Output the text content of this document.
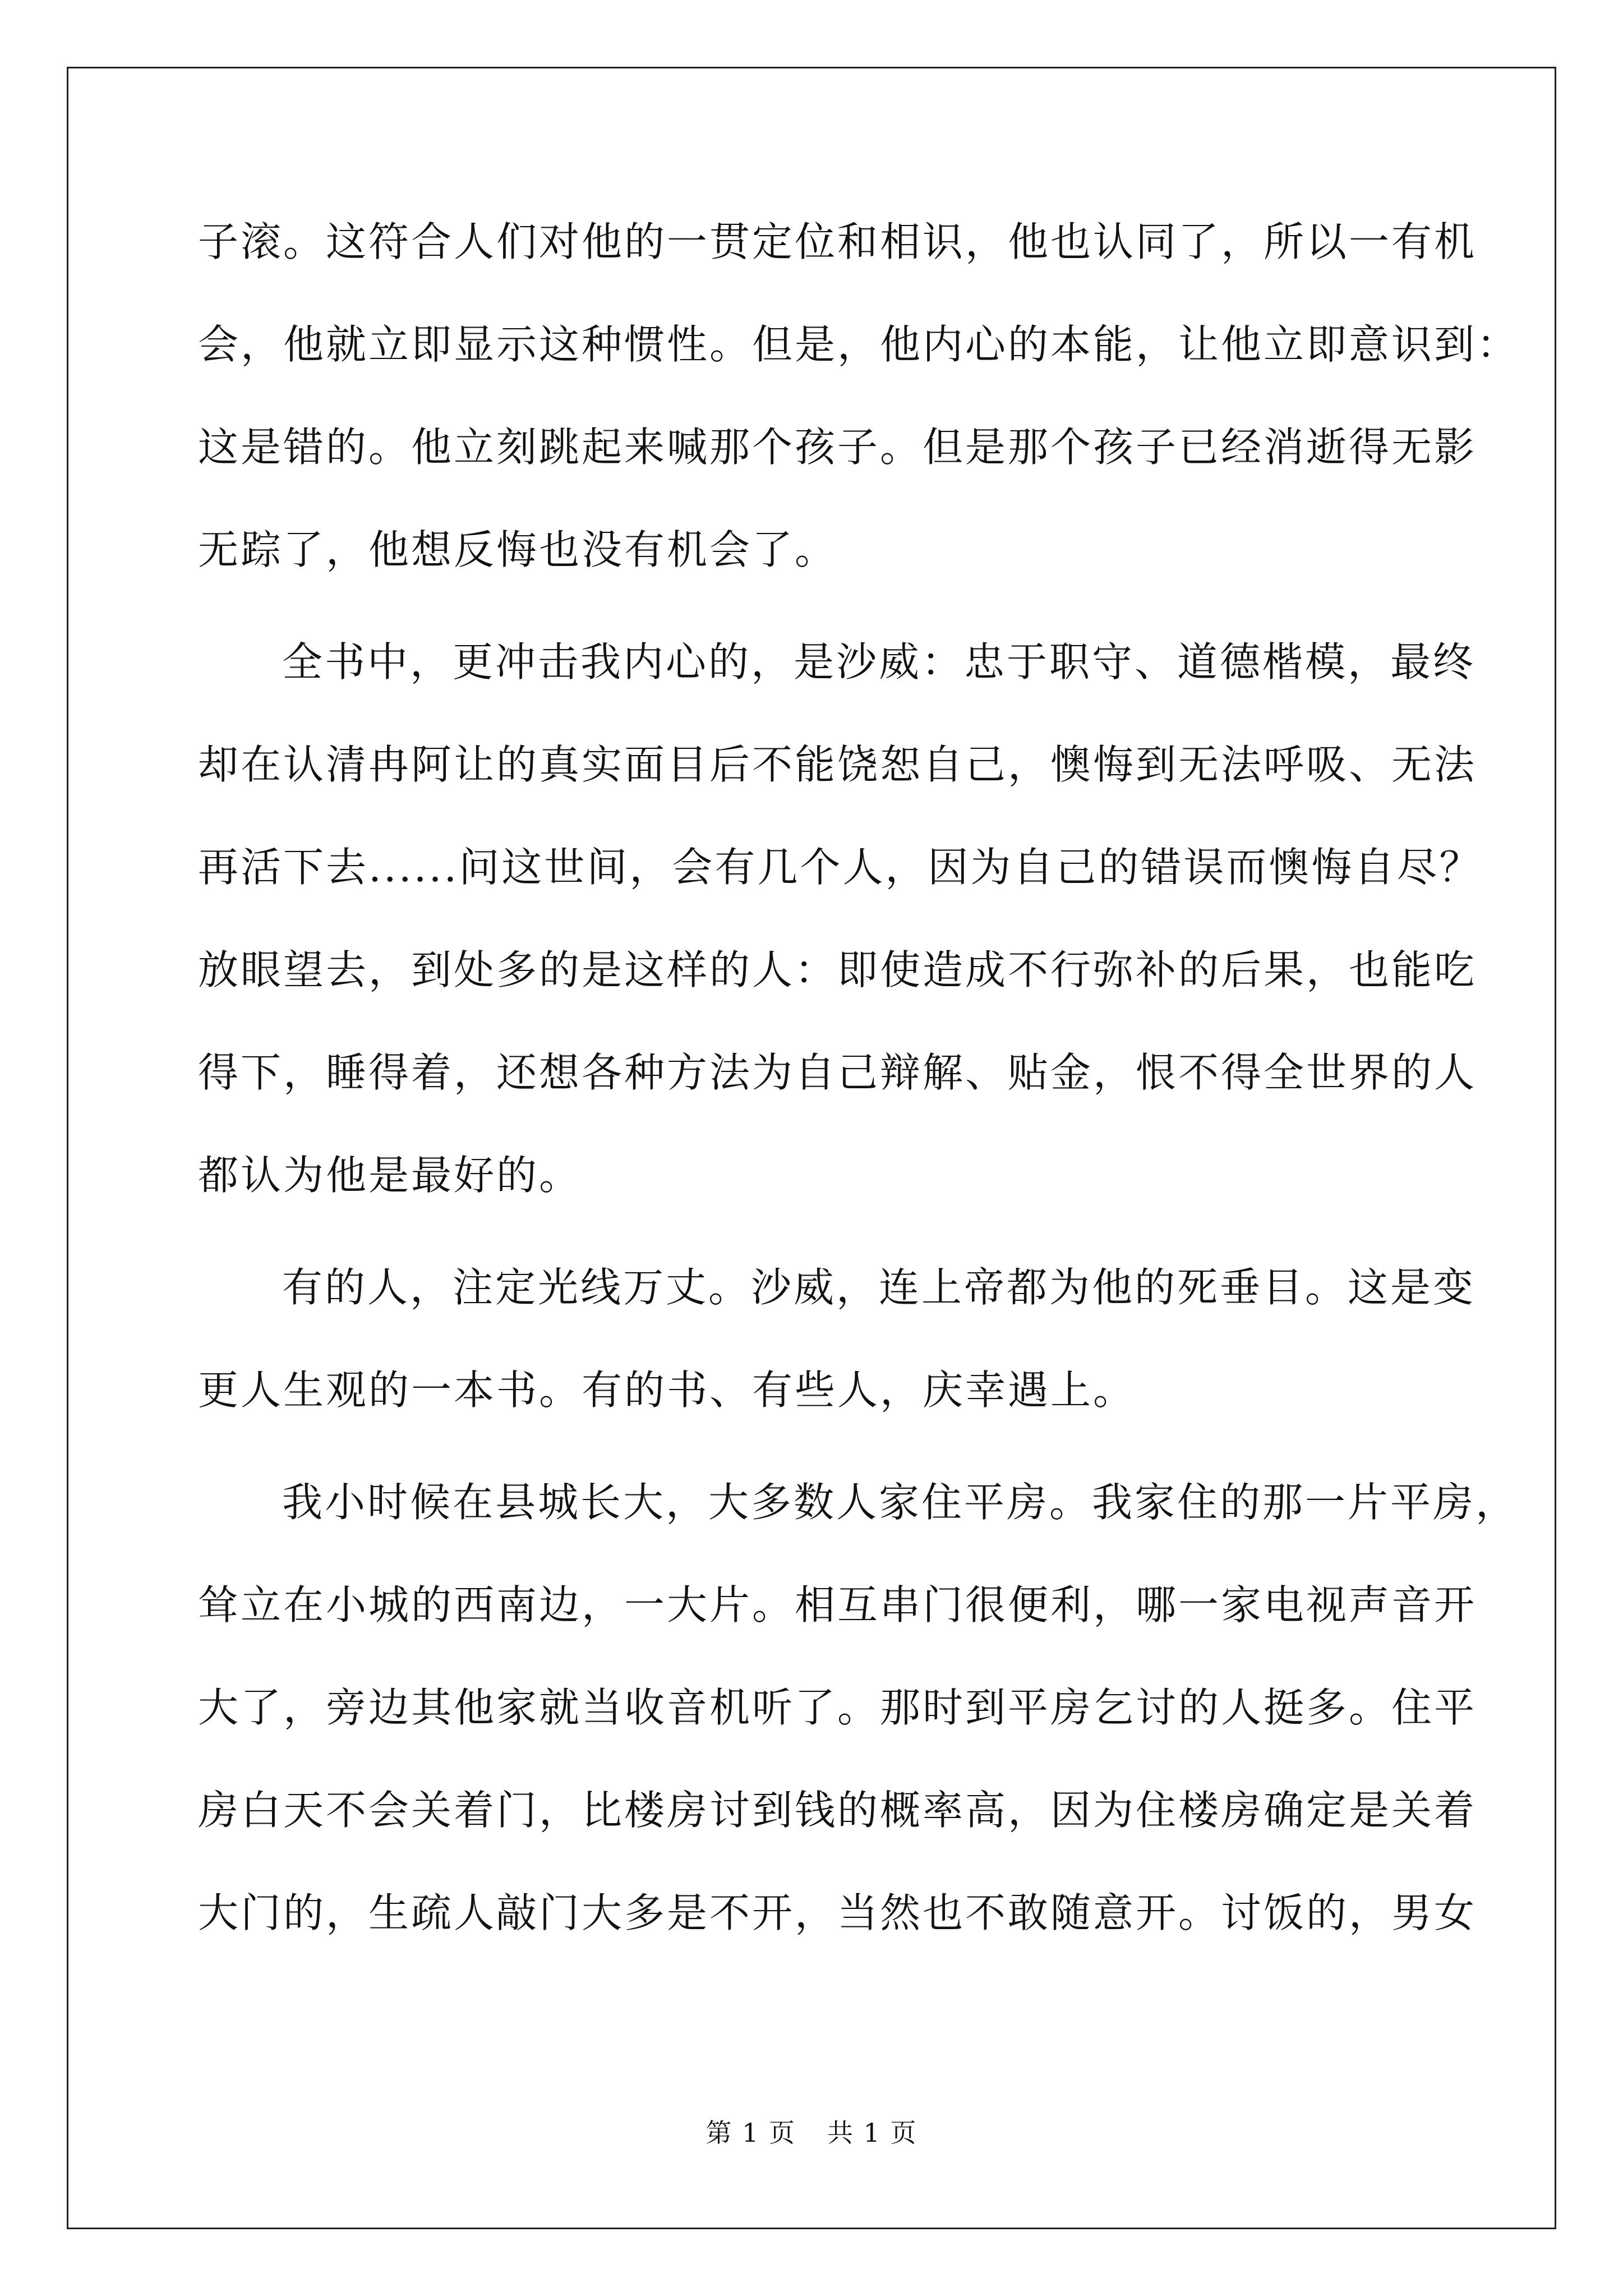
子滚。这符合人们对他的一贯定位和相识，他也认同了，所以一有机
会，他就立即显示这种惯性。但是，他内心的本能，让他立即意识到：
这是错的。他立刻跳起来喊那个孩子。但是那个孩子已经消逝得无影
无踪了，他想反悔也没有机会了。
全书中，更冲击我内心的，是沙威：忠于职守、道德楷模，最终
却在认清冉阿让的真实面目后不能饶恕自己，懊悔到无法呼吸、无法
再活下去......问这世间，会有几个人，因为自己的错误而懊悔自尽？
放眼望去，到处多的是这样的人：即使造成不行弥补的后果，也能吃
得下，睡得着，还想各种方法为自己辩解、贴金，恨不得全世界的人
都认为他是最好的。
有的人，注定光线万丈。沙威，连上帝都为他的死垂目。这是变
更人生观的一本书。有的书、有些人，庆幸遇上。
我小时候在县城长大，大多数人家住平房。我家住的那一片平房，
耸立在小城的西南边，一大片。相互串门很便利，哪一家电视声音开
大了，旁边其他家就当收音机听了。那时到平房乞讨的人挺多。住平
房白天不会关着门，比楼房讨到钱的概率高，因为住楼房确定是关着
大门的，生疏人敲门大多是不开，当然也不敢随意开。讨饭的，男女
第 1 页 共 1 页
